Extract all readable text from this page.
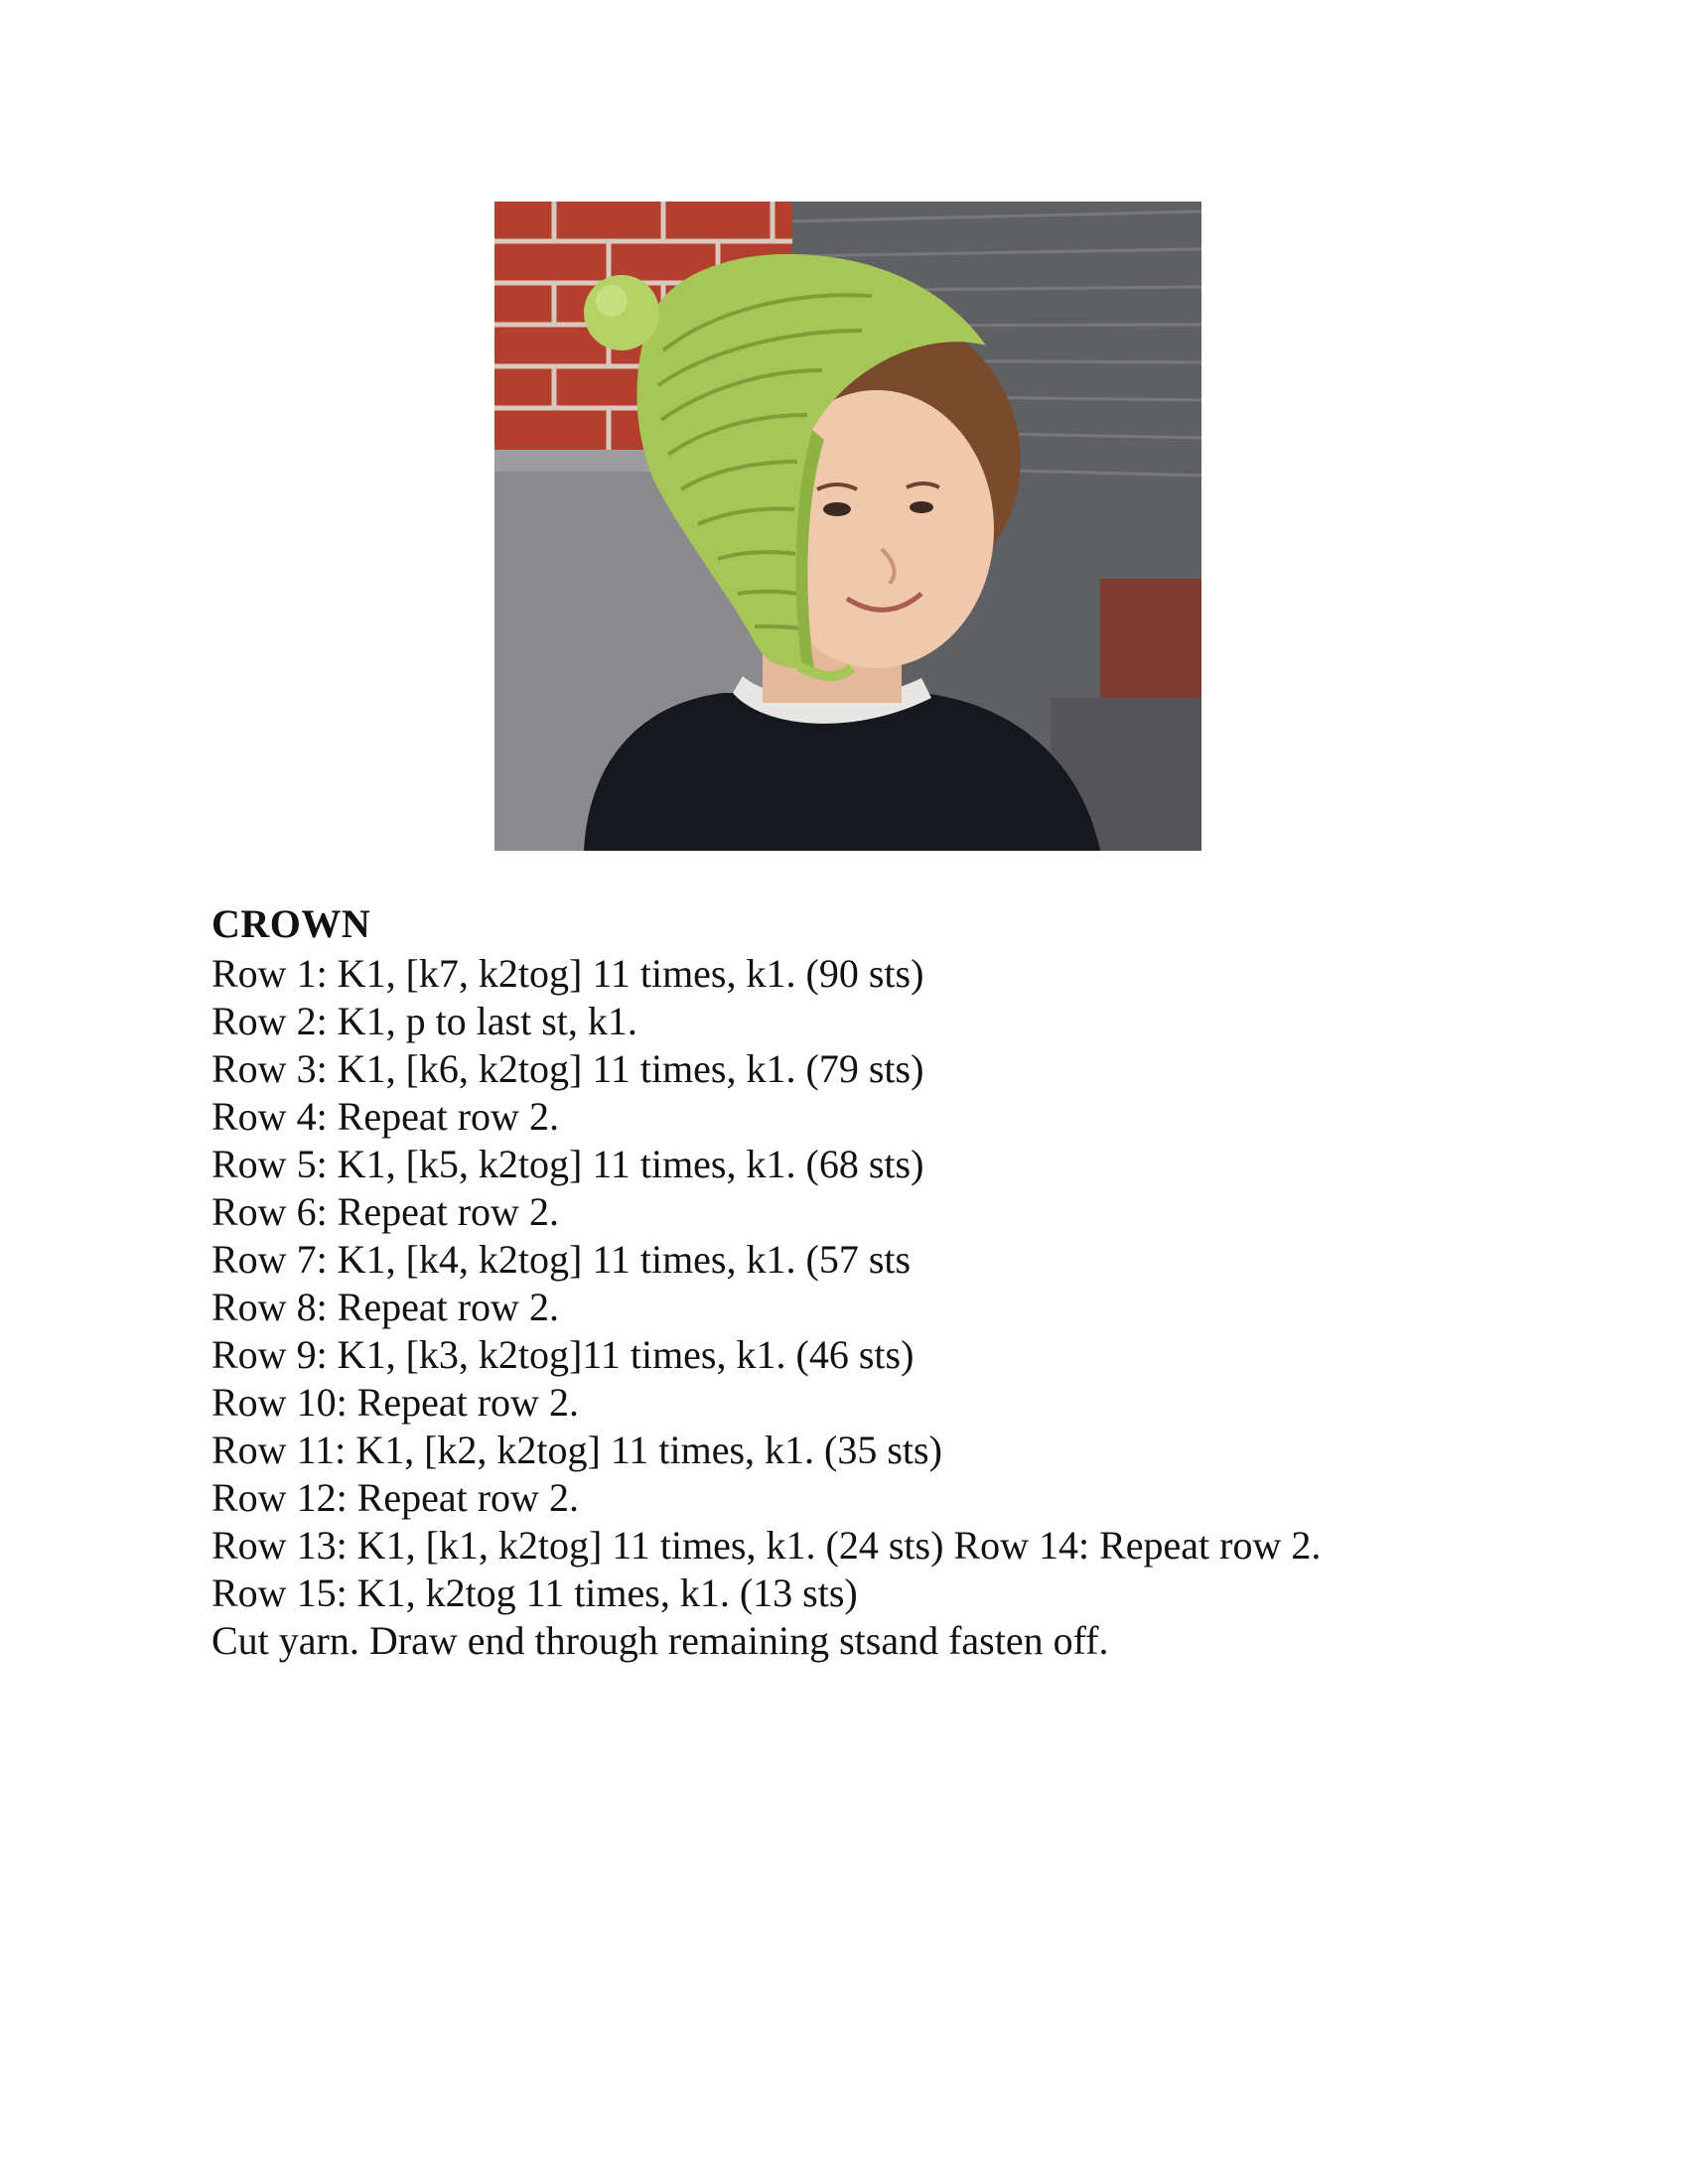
CROWN

Row 1: K1, [k7, k2tog] 11 times, k1. (90 sts)

Row 2: K1, p to last st, k1.

Row 3: K1, [k6, k2tog] 11 times, k1. (79 sts)

Row 4: Repeat row 2.

Row 5: K1, [k5, k2tog] 11 times, k1. (68 sts)

Row 6: Repeat row 2.

Row 7: K1, [k4, k2tog] 11 times, k1. (57 sts

Row 8: Repeat row 2.

Row 9: K1, [k3, k2tog]11 times, k1. (46 sts)

Row 10: Repeat row 2.

Row 11: K1, [k2, k2tog] 11 times, k1. (35 sts)

Row 12: Repeat row 2.

Row 13: K1, [k1, k2tog] 11 times, k1. (24 sts) Row 14: Repeat row 2.

Row 15: K1, k2tog 11 times, k1. (13 sts)

Cut yarn. Draw end through remaining stsand fasten off.
